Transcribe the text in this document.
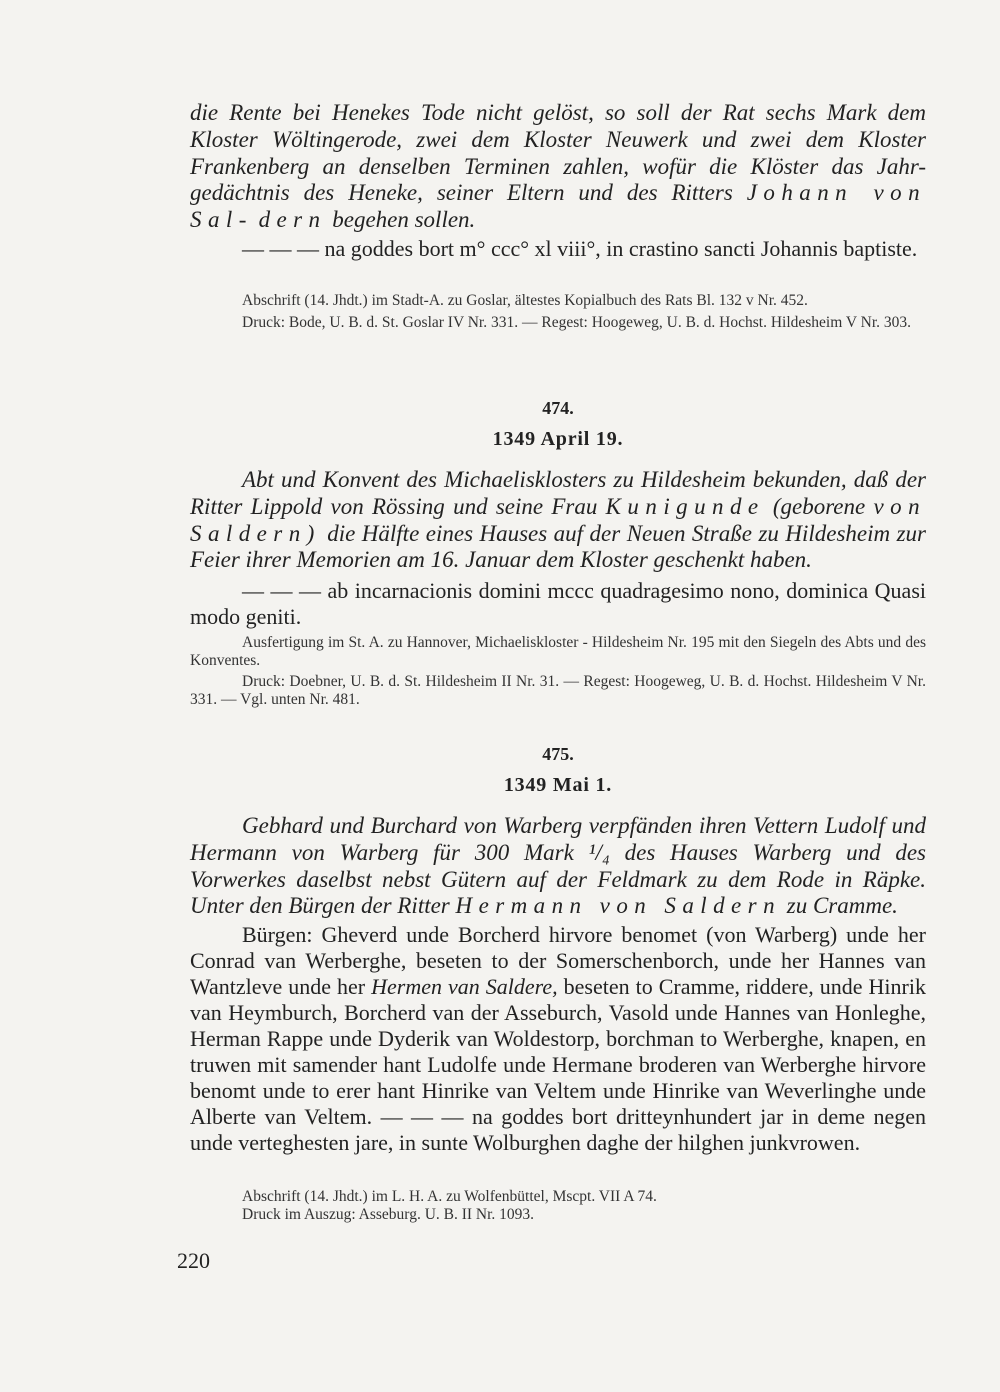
die Rente bei Henekes Tode nicht gelöst, so soll der Rat sechs Mark dem Kloster Wöltingerode, zwei dem Kloster Neuwerk und zwei dem Kloster Frankenberg an denselben Terminen zahlen, wofür die Klöster das Jahr- gedächtnis des Heneke, seiner Eltern und des Ritters Johann von Sal- dern begehen sollen.

— — — na goddes bort m° ccc° xl viii°, in crastino sancti Johannis baptiste.

Abschrift (14. Jhdt.) im Stadt-A. zu Goslar, ältestes Kopialbuch des Rats Bl. 132 v Nr. 452.

Druck: Bode, U. B. d. St. Goslar IV Nr. 331. — Regest: Hoogeweg, U. B. d. Hochst. Hildesheim V Nr. 303.

474.
1349 April 19.

Abt und Konvent des Michaelisklosters zu Hildesheim bekunden, daß der Ritter Lippold von Rössing und seine Frau Kunigunde (geborene von Saldern) die Hälfte eines Hauses auf der Neuen Straße zu Hildesheim zur Feier ihrer Memorien am 16. Januar dem Kloster geschenkt haben.

— — — ab incarnacionis domini mccc quadragesimo nono, dominica Quasi modo geniti.

Ausfertigung im St. A. zu Hannover, Michaeliskloster - Hildesheim Nr. 195 mit den Siegeln des Abts und des Konventes.

Druck: Doebner, U. B. d. St. Hildesheim II Nr. 31. — Regest: Hoogeweg, U. B. d. Hochst. Hildesheim V Nr. 331. — Vgl. unten Nr. 481.

475.
1349 Mai 1.

Gebhard und Burchard von Warberg verpfänden ihren Vettern Ludolf und Hermann von Warberg für 300 Mark ¹/₄ des Hauses Warberg und des Vorwerkes daselbst nebst Gütern auf der Feldmark zu dem Rode in Räpke. Unter den Bürgen der Ritter Hermann von Saldern zu Cramme.

Bürgen: Gheverd unde Borcherd hirvore benomet (von Warberg) unde her Conrad van Werberghe, beseten to der Somerschenborch, unde her Hannes van Wantzleve unde her Hermen van Saldere, beseten to Cramme, riddere, unde Hinrik van Heymburch, Borcherd van der Asseburch, Vasold unde Hannes van Honleghe, Herman Rappe unde Dyderik van Woldestorp, borchman to Werberghe, knapen, en truwen mit samender hant Ludolfe unde Hermane broderen van Werberghe hirvore benomt unde to erer hant Hinrike van Veltem unde Hinrike van Weverlinghe unde Alberte van Veltem. — — — na goddes bort dritteynhundert jar in deme negen unde verteghesten jare, in sunte Wolburghen daghe der hilghen junkvrowen.

Abschrift (14. Jhdt.) im L. H. A. zu Wolfenbüttel, Mscpt. VII A 74.

Druck im Auszug: Asseburg. U. B. II Nr. 1093.

220
